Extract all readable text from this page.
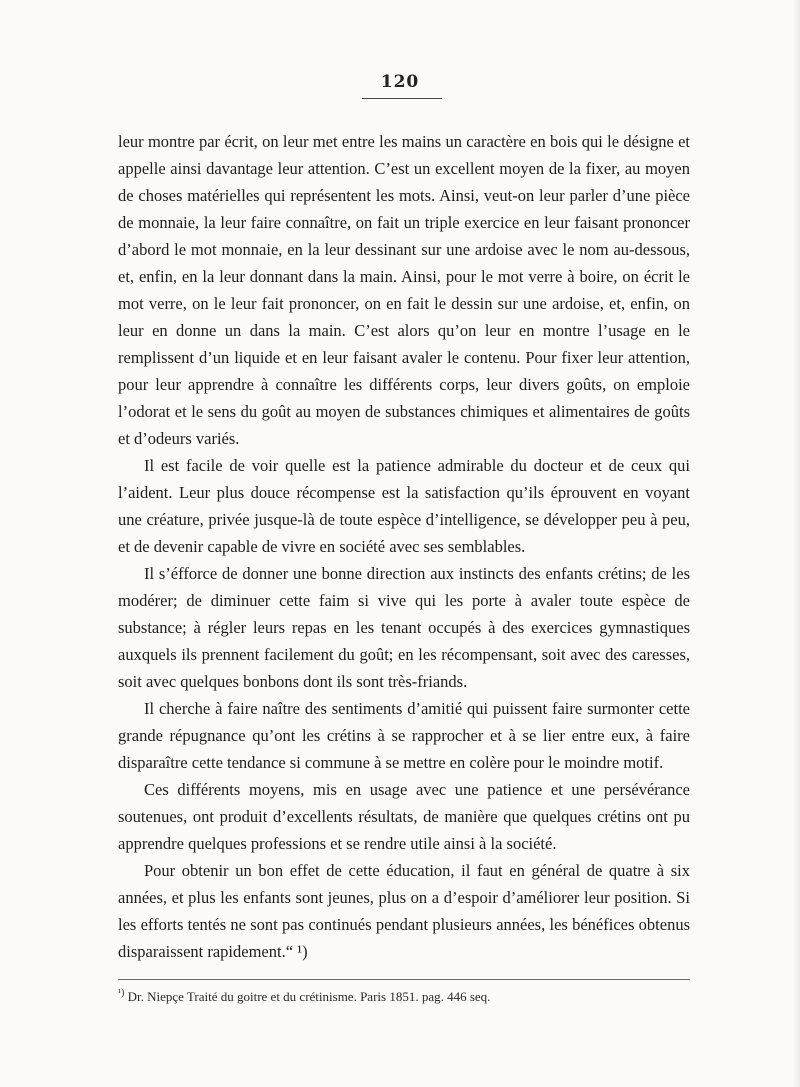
120

leur montre par écrit, on leur met entre les mains un caractère en bois qui le désigne et appelle ainsi davantage leur attention. C’est un excellent moyen de la fixer, au moyen de choses matérielles qui représentent les mots. Ainsi, veut-on leur parler d’une pièce de monnaie, la leur faire connaître, on fait un triple exercice en leur faisant prononcer d’abord le mot monnaie, en la leur dessinant sur une ardoise avec le nom au-dessous, et, enfin, en la leur donnant dans la main. Ainsi, pour le mot verre à boire, on écrit le mot verre, on le leur fait prononcer, on en fait le dessin sur une ardoise, et, enfin, on leur en donne un dans la main. C’est alors qu’on leur en montre l’usage en le remplissent d’un liquide et en leur faisant avaler le contenu. Pour fixer leur attention, pour leur apprendre à connaître les différents corps, leur divers goûts, on emploie l’odorat et le sens du goût au moyen de substances chimiques et alimentaires de goûts et d’odeurs variés.

Il est facile de voir quelle est la patience admirable du docteur et de ceux qui l’aident. Leur plus douce récompense est la satisfaction qu’ils éprouvent en voyant une créature, privée jusque-là de toute espèce d’intelligence, se développer peu à peu, et de devenir capable de vivre en société avec ses semblables.

Il s’éfforce de donner une bonne direction aux instincts des enfants crétins; de les modérer; de diminuer cette faim si vive qui les porte à avaler toute espèce de substance; à régler leurs repas en les tenant occupés à des exercices gymnastiques auxquels ils prennent facilement du goût; en les récompensant, soit avec des caresses, soit avec quelques bonbons dont ils sont très-friands.

Il cherche à faire naître des sentiments d’amitié qui puissent faire surmonter cette grande répugnance qu’ont les crétins à se rapprocher et à se lier entre eux, à faire disparaître cette tendance si commune à se mettre en colère pour le moindre motif.

Ces différents moyens, mis en usage avec une patience et une persévérance soutenues, ont produit d’excellents résultats, de manière que quelques crétins ont pu apprendre quelques professions et se rendre utile ainsi à la société.

Pour obtenir un bon effet de cette éducation, il faut en général de quatre à six années, et plus les enfants sont jeunes, plus on a d’espoir d’améliorer leur position. Si les efforts tentés ne sont pas continués pendant plusieurs années, les bénéfices obtenus disparaissent rapidement.“ ¹)

$^{^1)}$ Dr. Niepçe Traité du goitre et du crétinisme. Paris 1851. pag. 446 seq.
